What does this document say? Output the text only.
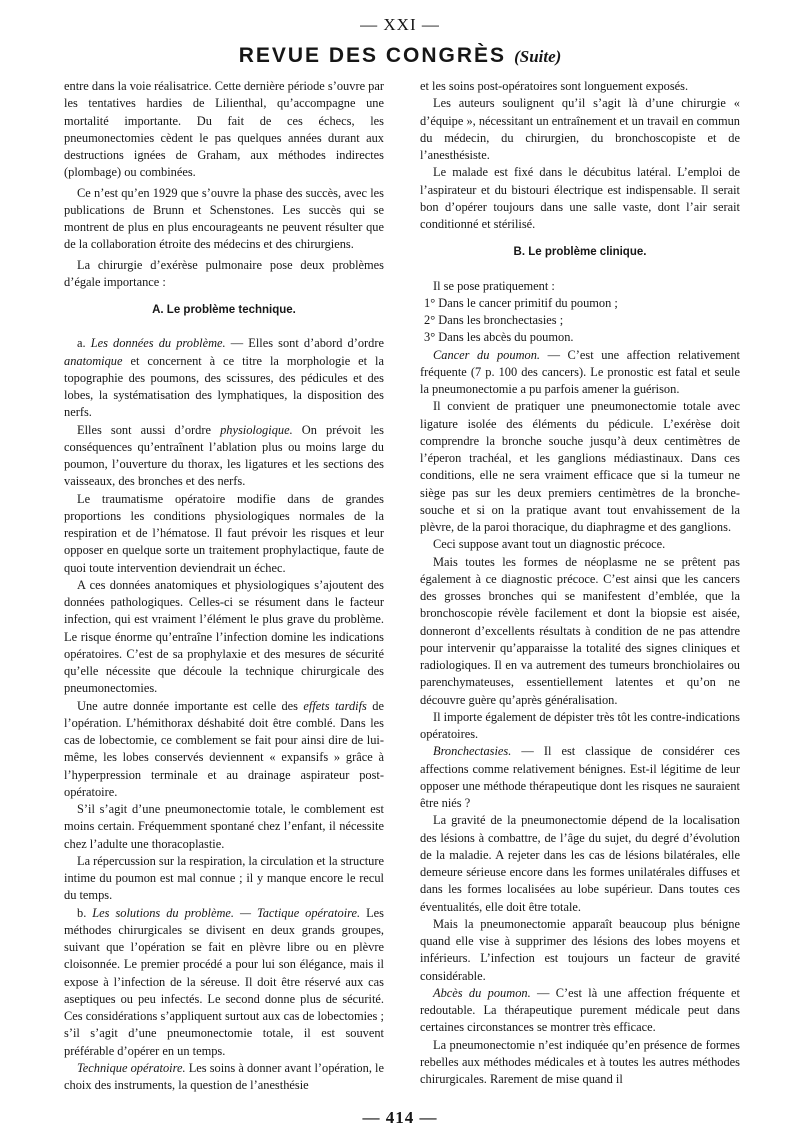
— XXI —
REVUE DES CONGRÈS (Suite)

entre dans la voie réalisatrice. Cette dernière période s’ouvre par les tentatives hardies de Lilienthal, qu’accompagne une mortalité importante. Du fait de ces échecs, les pneumonectomies cèdent le pas quelques années durant aux destructions ignées de Graham, aux méthodes indirectes (plombage) ou combinées.

Ce n’est qu’en 1929 que s’ouvre la phase des succès, avec les publications de Brunn et Schenstones. Les succès qui se montrent de plus en plus encourageants ne peuvent résulter que de la collaboration étroite des médecins et des chirurgiens.

La chirurgie d’exérèse pulmonaire pose deux problèmes d’égale importance :

A. Le problème technique.

a. Les données du problème. — Elles sont d’abord d’ordre anatomique et concernent à ce titre la morphologie et la topographie des poumons, des scissures, des pédicules et des lobes, la systématisation des lymphatiques, la disposition des nerfs.

Elles sont aussi d’ordre physiologique. On prévoit les conséquences qu’entraînent l’ablation plus ou moins large du poumon, l’ouverture du thorax, les ligatures et les sections des vaisseaux, des bronches et des nerfs.

Le traumatisme opératoire modifie dans de grandes proportions les conditions physiologiques normales de la respiration et de l’hématose. Il faut prévoir les risques et leur opposer en quelque sorte un traitement prophylactique, faute de quoi toute intervention deviendrait un échec.

A ces données anatomiques et physiologiques s’ajoutent des données pathologiques. Celles-ci se résument dans le facteur infection, qui est vraiment l’élément le plus grave du problème. Le risque énorme qu’entraîne l’infection domine les indications opératoires. C’est de sa prophylaxie et des mesures de sécurité qu’elle nécessite que découle la technique chirurgicale des pneumonectomies.

Une autre donnée importante est celle des effets tardifs de l’opération. L’hémithorax déshabité doit être comblé. Dans les cas de lobectomie, ce comblement se fait pour ainsi dire de lui-même, les lobes conservés deviennent « expansifs » grâce à l’hyperpression terminale et au drainage aspirateur post-opératoire.

S’il s’agit d’une pneumonectomie totale, le comblement est moins certain. Fréquemment spontané chez l’enfant, il nécessite chez l’adulte une thoracoplastie.

La répercussion sur la respiration, la circulation et la structure intime du poumon est mal connue ; il y manque encore le recul du temps.

b. Les solutions du problème. — Tactique opératoire. Les méthodes chirurgicales se divisent en deux grands groupes, suivant que l’opération se fait en plèvre libre ou en plèvre cloisonnée. Le premier procédé a pour lui son élégance, mais il expose à l’infection de la séreuse. Il doit être réservé aux cas aseptiques ou peu infectés. Le second donne plus de sécurité. Ces considérations s’appliquent surtout aux cas de lobectomies ; s’il s’agit d’une pneumonectomie totale, il est souvent préférable d’opérer en un temps.

Technique opératoire. Les soins à donner avant l’opération, le choix des instruments, la question de l’anesthésie

et les soins post-opératoires sont longuement exposés.

Les auteurs soulignent qu’il s’agit là d’une chirurgie « d’équipe », nécessitant un entraînement et un travail en commun du médecin, du chirurgien, du bronchoscopiste et de l’anesthésiste.

Le malade est fixé dans le décubitus latéral. L’emploi de l’aspirateur et du bistouri électrique est indispensable. Il serait bon d’opérer toujours dans une salle vaste, dont l’air serait conditionné et stérilisé.

B. Le problème clinique.

Il se pose pratiquement :

1° Dans le cancer primitif du poumon ;

2° Dans les bronchectasies ;

3° Dans les abcès du poumon.

Cancer du poumon. — C’est une affection relativement fréquente (7 p. 100 des cancers). Le pronostic est fatal et seule la pneumonectomie a pu parfois amener la guérison.

Il convient de pratiquer une pneumonectomie totale avec ligature isolée des éléments du pédicule. L’exérèse doit comprendre la bronche souche jusqu’à deux centimètres de l’éperon trachéal, et les ganglions médiastinaux. Dans ces conditions, elle ne sera vraiment efficace que si la tumeur ne siège pas sur les deux premiers centimètres de la bronche-souche et si on la pratique avant tout envahissement de la plèvre, de la paroi thoracique, du diaphragme et des ganglions.

Ceci suppose avant tout un diagnostic précoce.

Mais toutes les formes de néoplasme ne se prêtent pas également à ce diagnostic précoce. C’est ainsi que les cancers des grosses bronches qui se manifestent d’emblée, que la bronchoscopie révèle facilement et dont la biopsie est aisée, donneront d’excellents résultats à condition de ne pas attendre pour intervenir qu’apparaisse la totalité des signes cliniques et radiologiques. Il en va autrement des tumeurs bronchiolaires ou parenchymateuses, essentiellement latentes et qu’on ne découvre guère qu’après généralisation.

Il importe également de dépister très tôt les contre-indications opératoires.

Bronchectasies. — Il est classique de considérer ces affections comme relativement bénignes. Est-il légitime de leur opposer une méthode thérapeutique dont les risques ne sauraient être niés ?

La gravité de la pneumonectomie dépend de la localisation des lésions à combattre, de l’âge du sujet, du degré d’évolution de la maladie. A rejeter dans les cas de lésions bilatérales, elle demeure sérieuse encore dans les formes unilatérales diffuses et dans les formes localisées au lobe supérieur. Dans toutes ces éventualités, elle doit être totale.

Mais la pneumonectomie apparaît beaucoup plus bénigne quand elle vise à supprimer des lésions des lobes moyens et inférieurs. L’infection est toujours un facteur de gravité considérable.

Abcès du poumon. — C’est là une affection fréquente et redoutable. La thérapeutique purement médicale peut dans certaines circonstances se montrer très efficace.

La pneumonectomie n’est indiquée qu’en présence de formes rebelles aux méthodes médicales et à toutes les autres méthodes chirurgicales. Rarement de mise quand il

— 414 —
